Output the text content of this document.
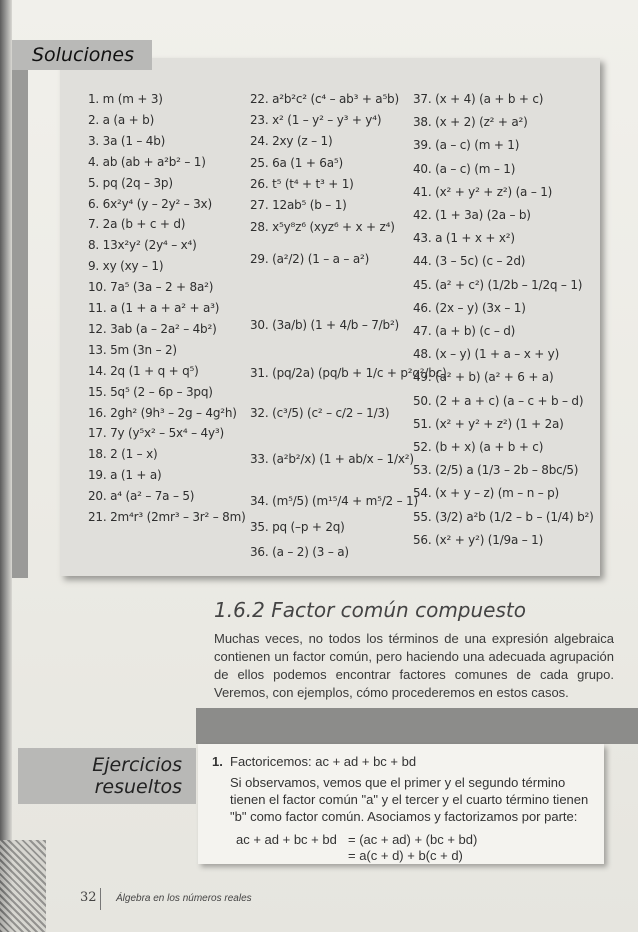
Soluciones
1. m (m + 3)
2. a (a + b)
3. 3a (1 – 4b)
4. ab (ab + a²b² – 1)
5. pq (2q – 3p)
6. 6x²y⁴ (y – 2y² – 3x)
7. 2a (b + c + d)
8. 13x²y² (2y⁴ – x⁴)
9. xy (xy – 1)
10. 7a⁵ (3a – 2 + 8a²)
11. a (1 + a + a² + a³)
12. 3ab (a – 2a² – 4b²)
13. 5m (3n – 2)
14. 2q (1 + q + q⁵)
15. 5q⁵ (2 – 6p – 3pq)
16. 2gh² (9h³ – 2g – 4g²h)
17. 7y (y⁵x² – 5x⁴ – 4y³)
18. 2 (1 – x)
19. a (1 + a)
20. a⁴ (a² – 7a – 5)
21. 2m⁴r³ (2mr³ – 3r² – 8m)
22. a²b²c² (c⁴ – ab³ + a⁵b)
23. x² (1 – y² – y³ + y⁴)
24. 2xy (z – 1)
25. 6a (1 + 6a⁵)
26. t⁵ (t⁴ + t³ + 1)
27. 12ab⁵ (b – 1)
28. x⁵y⁸z⁶ (xyz⁶ + x + z⁴)
29. (a²/2) (1 – a – a²)
30. (3a/b) (1 + 4/b – 7/b²)
31. (pq/2a) (pq/b + 1/c + p²q²/bc)
32. (c³/5) (c² – c/2 – 1/3)
33. (a²b²/x) (1 + ab/x – 1/x²)
34. (m⁵/5) (m¹⁵/4 + m⁵/2 – 1)
35. pq (–p + 2q)
36. (a – 2) (3 – a)
37. (x + 4) (a + b + c)
38. (x + 2) (z² + a²)
39. (a – c) (m + 1)
40. (a – c) (m – 1)
41. (x² + y² + z²) (a – 1)
42. (1 + 3a) (2a – b)
43. a (1 + x + x²)
44. (3 – 5c) (c – 2d)
45. (a² + c²) (1/2b – 1/2q – 1)
46. (2x – y) (3x – 1)
47. (a + b) (c – d)
48. (x – y) (1 + a – x + y)
49. (a² + b) (a² + 6 + a)
50. (2 + a + c) (a – c + b – d)
51. (x² + y² + z²) (1 + 2a)
52. (b + x) (a + b + c)
53. (2/5) a (1/3 – 2b – 8bc/5)
54. (x + y – z) (m – n – p)
55. (3/2) a²b (1/2 – b – (1/4) b²)
56. (x² + y²) (1/9a – 1)
1.6.2 Factor común compuesto
Muchas veces, no todos los términos de una expresión algebraica contienen un factor común, pero haciendo una adecuada agrupación de ellos podemos encontrar factores comunes de cada grupo. Veremos, con ejemplos, cómo procederemos en estos casos.
Ejercicios
resueltos
1. Factoricemos: ac + ad + bc + bd
Si observamos, vemos que el primer y el segundo término tienen el factor común "a" y el tercer y el cuarto término tienen "b" como factor común. Asociamos y factorizamos por parte:
ac + ad + bc + bd = (ac + ad) + (bc + bd)
= a(c + d) + b(c + d)
32 Álgebra en los números reales
